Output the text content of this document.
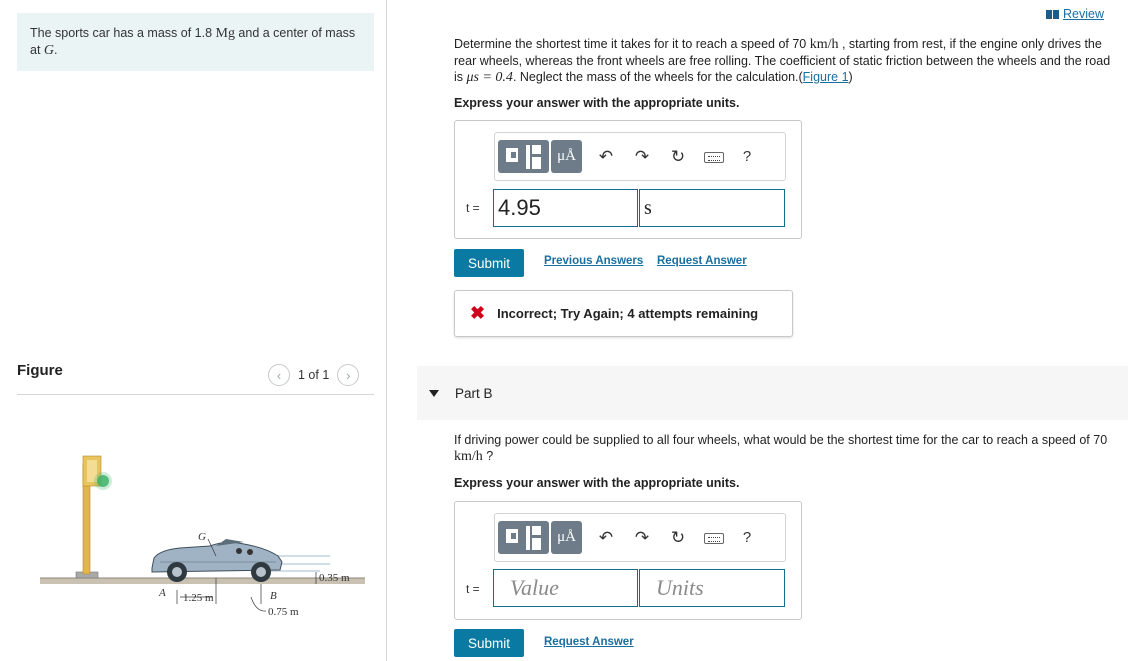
The sports car has a mass of 1.8 Mg and a center of mass at G.
Figure	‹ 1 of 1 ›
G
A	B
1.25 m
0.35 m
0.75 m
Review
Determine the shortest time it takes for it to reach a speed of 70 km/h , starting from rest, if the engine only drives the rear wheels, whereas the front wheels are free rolling. The coefficient of static friction between the wheels and the road is μs = 0.4. Neglect the mass of the wheels for the calculation.(Figure 1)
Express your answer with the appropriate units.
μÅ	↶	↷	↻	?
t = 4.95	s
Submit	Previous Answers Request Answer
✖ Incorrect; Try Again; 4 attempts remaining
Part B
If driving power could be supplied to all four wheels, what would be the shortest time for the car to reach a speed of 70 km/h ?
Express your answer with the appropriate units.
μÅ	↶	↷	↻	?
t =
Value
Units
Submit	Request Answer
